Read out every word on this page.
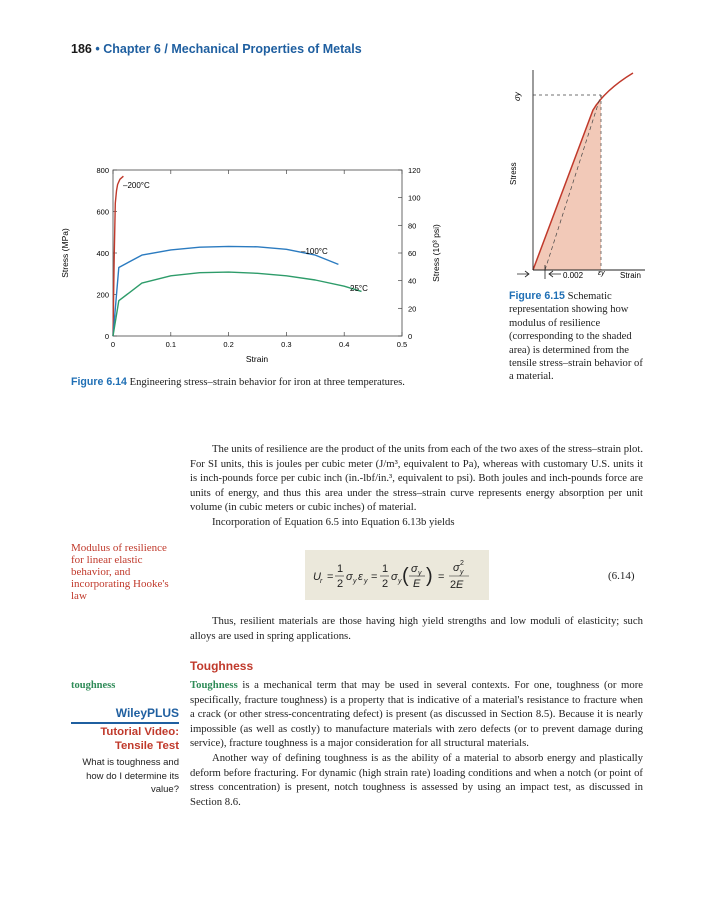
186 • Chapter 6 / Mechanical Properties of Metals
0	0.1	0.2	0.3	0.4	0.5
0
200
400
600
800
0
20
40
60
80
100
120
Stress (MPa)	Stress (10³ psi)
Strain
–200°C
–100°C
25°C
Figure 6.14 Engineering stress–strain behavior for iron at three temperatures.
σy
Stress
0.002 εy Strain
Figure 6.15 Schematic representation showing how modulus of resilience (corresponding to the shaded area) is determined from the tensile stress–strain behavior of a material.

The units of resilience are the product of the units from each of the two axes of the stress–strain plot. For SI units, this is joules per cubic meter (J/m³, equivalent to Pa), whereas with customary U.S. units it is inch-pounds force per cubic inch (in.-lbf/in.³, equivalent to psi). Both joules and inch-pounds force are units of energy, and thus this area under the stress–strain curve represents energy absorption per unit volume (in cubic meters or cubic inches) of material.

Incorporation of Equation 6.5 into Equation 6.13b yields

Modulus of resilience for linear elastic behavior, and incorporating Hooke's law
U r =
1
2
σ y ε y =
1
2
σ y ( σ y
E ) =
σ 2
y
2 E
(6.14)

Thus, resilient materials are those having high yield strengths and low moduli of elasticity; such alloys are used in spring applications.

Toughness
toughness	Toughness is a mechanical term that may be used in several contexts. For one, toughness (or more specifically, fracture toughness) is a property that is indicative of a material's resistance to fracture when a crack (or other stress-concentrating defect) is present (as discussed in Section 8.5). Because it is nearly impossible (as well as costly) to manufacture materials with zero defects (or to prevent damage during service), fracture toughness is a major consideration for all structural materials.

Another way of defining toughness is as the ability of a material to absorb energy and plastically deform before fracturing. For dynamic (high strain rate) loading conditions and when a notch (or point of stress concentration) is present, notch toughness is assessed by using an impact test, as discussed in Section 8.6.

WileyPLUS
Tutorial Video: Tensile Test
What is toughness and how do I determine its value?
